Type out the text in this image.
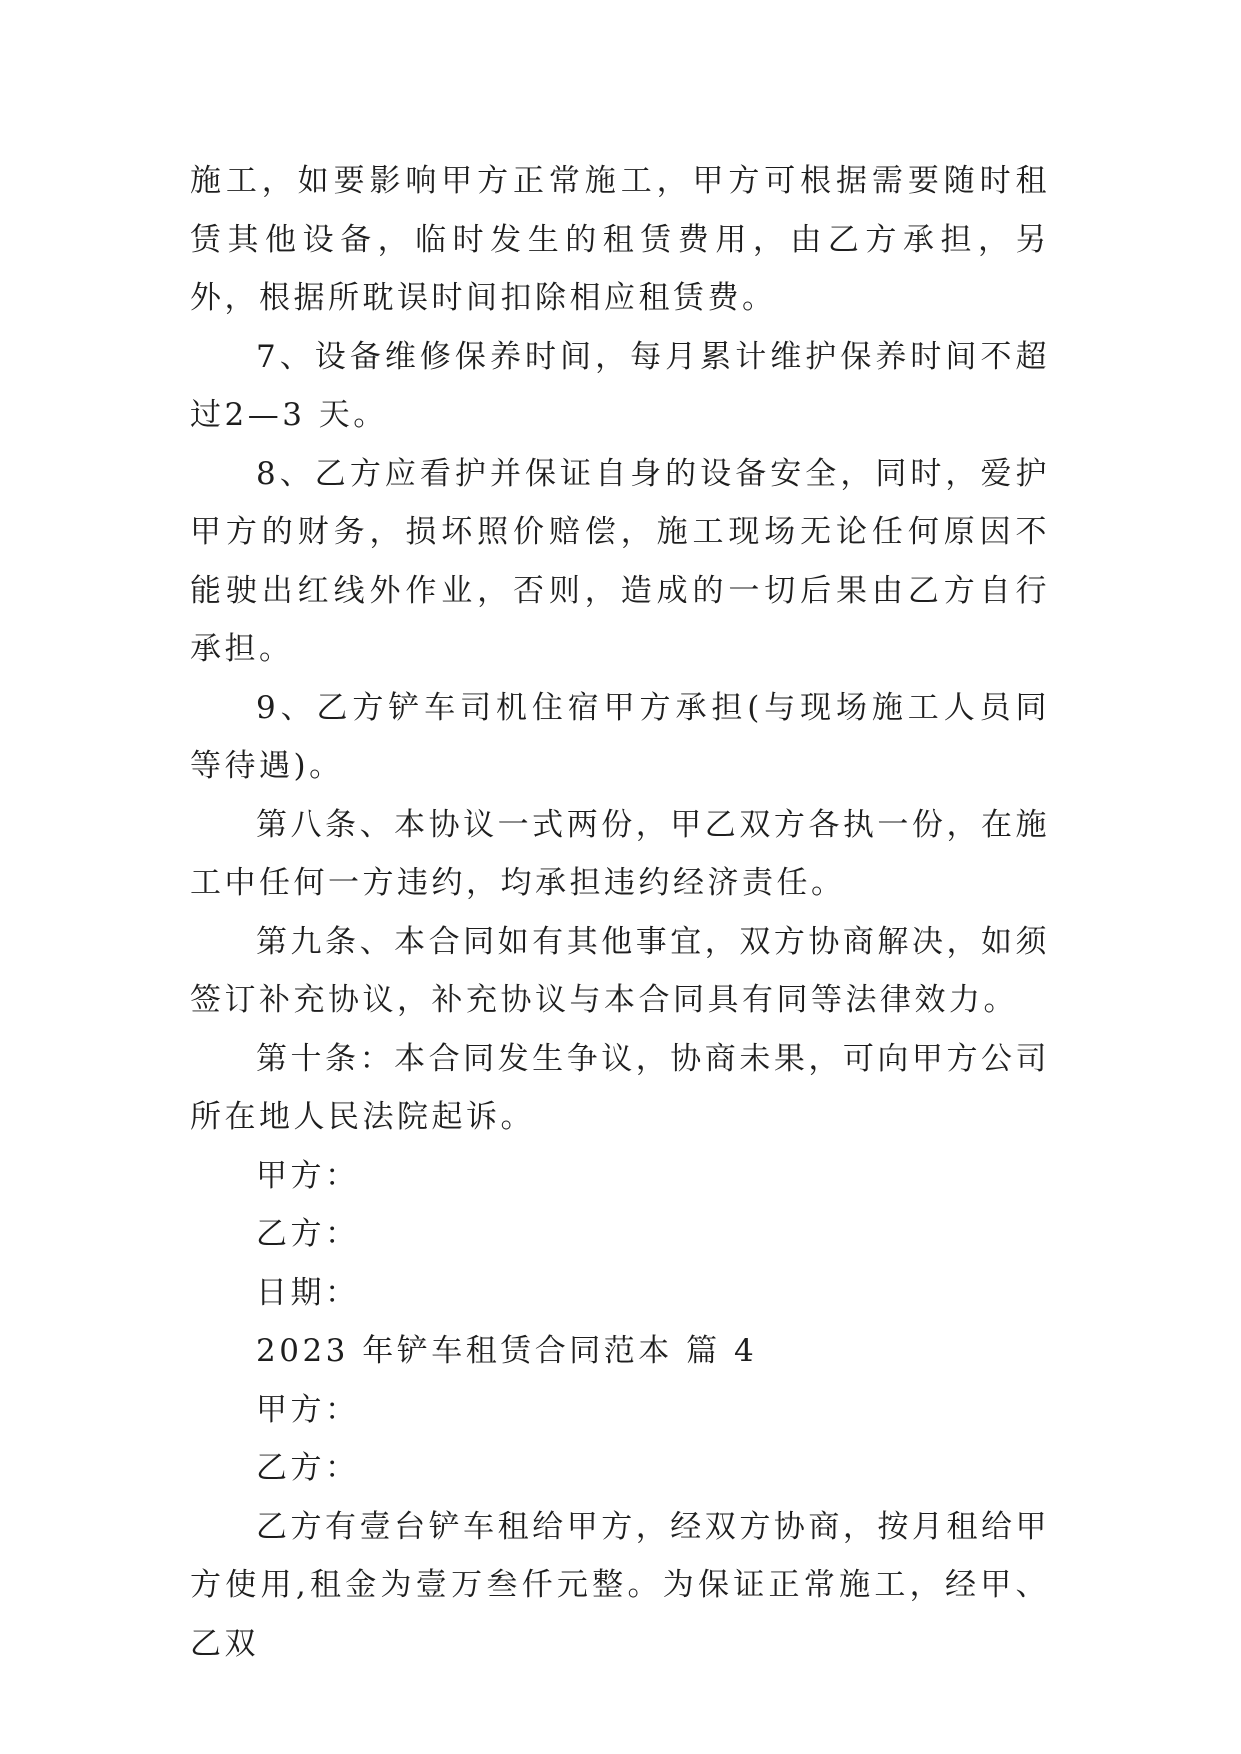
施工，如要影响甲方正常施工，甲方可根据需要随时租赁其他设备，临时发生的租赁费用，由乙方承担，另外，根据所耽误时间扣除相应租赁费。

7、设备维修保养时间，每月累计维护保养时间不超过2—3 天。

8、乙方应看护并保证自身的设备安全，同时，爱护甲方的财务，损坏照价赔偿，施工现场无论任何原因不能驶出红线外作业，否则，造成的一切后果由乙方自行承担。

9、乙方铲车司机住宿甲方承担(与现场施工人员同等待遇)。

第八条、本协议一式两份，甲乙双方各执一份，在施工中任何一方违约，均承担违约经济责任。

第九条、本合同如有其他事宜，双方协商解决，如须签订补充协议，补充协议与本合同具有同等法律效力。

第十条：本合同发生争议，协商未果，可向甲方公司所在地人民法院起诉。

甲方：

乙方：

日期：

2023 年铲车租赁合同范本 篇 4

甲方：

乙方：

乙方有壹台铲车租给甲方，经双方协商，按月租给甲方使用,租金为壹万叁仟元整。为保证正常施工，经甲、乙双
